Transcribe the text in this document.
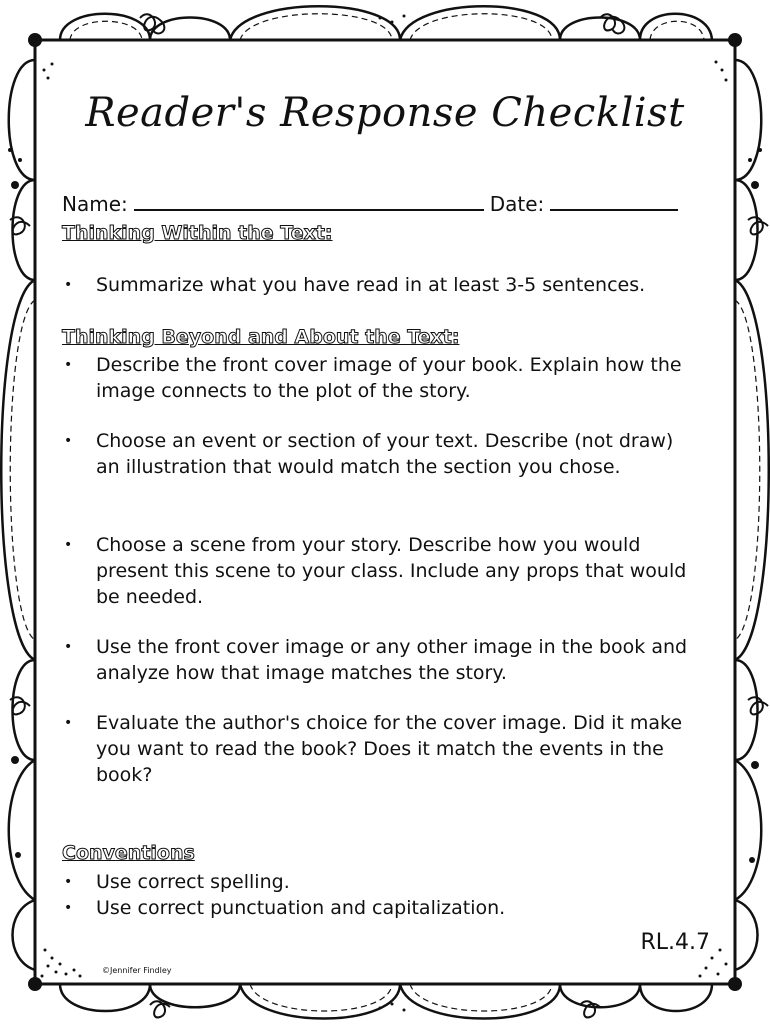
Reader's Response Checklist
Name:	Date:
Thinking Within the Text:
•	Summarize what you have read in at least 3-5 sentences.
Thinking Beyond and About the Text:
•	Describe the front cover image of your book. Explain how the image connects to the plot of the story.
•	Choose an event or section of your text. Describe (not draw) an illustration that would match the section you chose.
•	Choose a scene from your story. Describe how you would present this scene to your class. Include any props that would be needed.
•	Use the front cover image or any other image in the book and analyze how that image matches the story.
•	Evaluate the author's choice for the cover image. Did it make you want to read the book? Does it match the events in the book?
Conventions
•	Use correct spelling.
•	Use correct punctuation and capitalization.
RL.4.7
©Jennifer Findley
